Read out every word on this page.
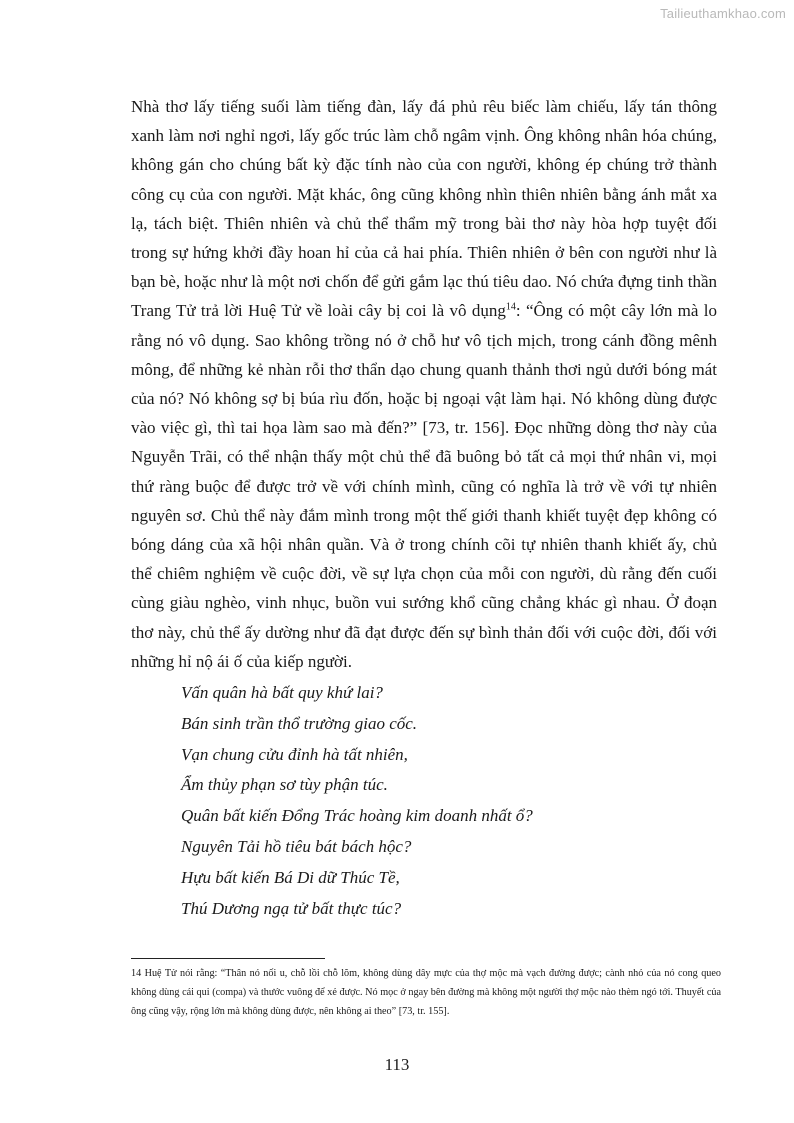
Tailieuthamkhao.com

Nhà thơ lấy tiếng suối làm tiếng đàn, lấy đá phủ rêu biếc làm chiếu, lấy tán thông xanh làm nơi nghỉ ngơi, lấy gốc trúc làm chỗ ngâm vịnh. Ông không nhân hóa chúng, không gán cho chúng bất kỳ đặc tính nào của con người, không ép chúng trở thành công cụ của con người. Mặt khác, ông cũng không nhìn thiên nhiên bằng ánh mắt xa lạ, tách biệt. Thiên nhiên và chủ thể thẩm mỹ trong bài thơ này hòa hợp tuyệt đối trong sự hứng khởi đầy hoan hỉ của cả hai phía. Thiên nhiên ở bên con người như là bạn bè, hoặc như là một nơi chốn để gửi gắm lạc thú tiêu dao. Nó chứa đựng tinh thần Trang Tử trả lời Huệ Tử về loài cây bị coi là vô dụng$^{14}$: “Ông có một cây lớn mà lo rằng nó vô dụng. Sao không trồng nó ở chỗ hư vô tịch mịch, trong cánh đồng mênh mông, để những kẻ nhàn rỗi thơ thẩn dạo chung quanh thảnh thơi ngủ dưới bóng mát của nó? Nó không sợ bị búa rìu đốn, hoặc bị ngoại vật làm hại. Nó không dùng được vào việc gì, thì tai họa làm sao mà đến?” [73, tr. 156]. Đọc những dòng thơ này của Nguyễn Trãi, có thể nhận thấy một chủ thể đã buông bỏ tất cả mọi thứ nhân vi, mọi thứ ràng buộc để được trở về với chính mình, cũng có nghĩa là trở về với tự nhiên nguyên sơ. Chủ thể này đắm mình trong một thế giới thanh khiết tuyệt đẹp không có bóng dáng của xã hội nhân quần. Và ở trong chính cõi tự nhiên thanh khiết ấy, chủ thể chiêm nghiệm về cuộc đời, về sự lựa chọn của mỗi con người, dù rằng đến cuối cùng giàu nghèo, vinh nhục, buồn vui sướng khổ cũng chẳng khác gì nhau. Ở đoạn thơ này, chủ thể ấy dường như đã đạt được đến sự bình thản đối với cuộc đời, đối với những hỉ nộ ái ố của kiếp người.

Vấn quân hà bất quy khứ lai?
Bán sinh trần thổ trường giao cốc.
Vạn chung cửu đỉnh hà tất nhiên,
Ẩm thủy phạn sơ tùy phận túc.
Quân bất kiến Đổng Trác hoàng kim doanh nhất ổ?
Nguyên Tải hồ tiêu bát bách hộc?
Hựu bất kiến Bá Di dữ Thúc Tề,
Thú Dương ngạ tử bất thực túc?

14 Huệ Tử nói rằng: “Thân nó nối u, chỗ lồi chỗ lõm, không dùng dây mực của thợ mộc mà vạch đường được; cành nhỏ của nó cong queo không dùng cái qui (compa) và thước vuông để xẻ được. Nó mọc ở ngay bên đường mà không một người thợ mộc nào thèm ngó tới. Thuyết của ông cũng vậy, rộng lớn mà không dùng được, nên không ai theo” [73, tr. 155].

113
